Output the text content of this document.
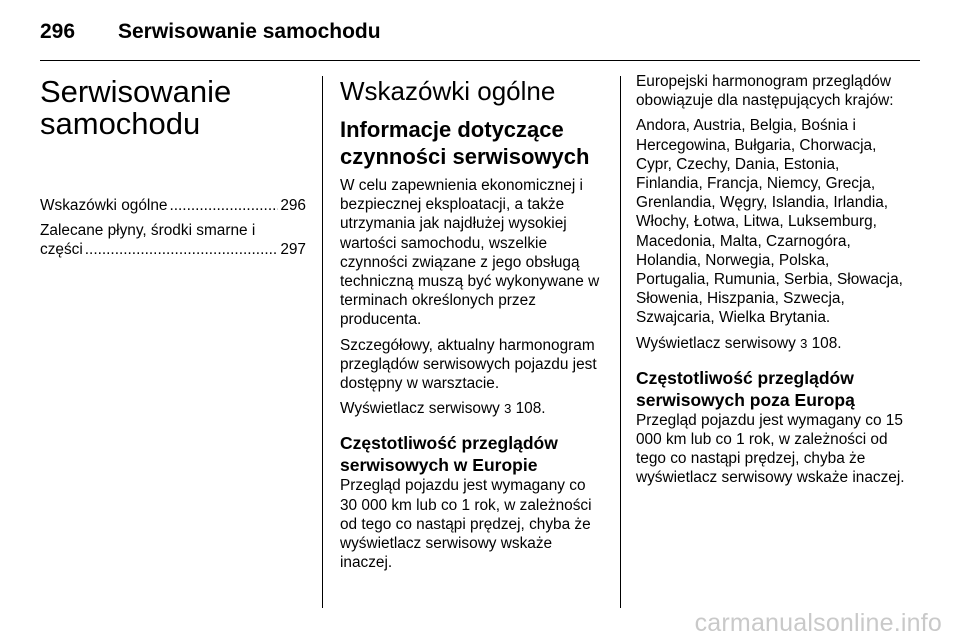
296 Serwisowanie samochodu
Serwisowanie samochodu
Wskazówki ogólne .....	296
Zalecane płyny, środki smarne i
części .....	297
Wskazówki ogólne
Informacje dotyczące czynności serwisowych

W celu zapewnienia ekonomicznej i bezpiecznej eksploatacji, a także utrzymania jak najdłużej wysokiej wartości samochodu, wszelkie czynności związane z jego obsługą techniczną muszą być wykonywane w terminach określonych przez producenta.

Szczegółowy, aktualny harmonogram przeglądów serwisowych pojazdu jest dostępny w warsztacie.

Wyświetlacz serwisowy 3 108.

Częstotliwość przeglądów serwisowych w Europie

Przegląd pojazdu jest wymagany co 30 000 km lub co 1 rok, w zależności od tego co nastąpi prędzej, chyba że wyświetlacz serwisowy wskaże inaczej.

Europejski harmonogram przeglądów obowiązuje dla następujących krajów:

Andora, Austria, Belgia, Bośnia i Hercegowina, Bułgaria, Chorwacja, Cypr, Czechy, Dania, Estonia, Finlandia, Francja, Niemcy, Grecja, Grenlandia, Węgry, Islandia, Irlandia, Włochy, Łotwa, Litwa, Luksemburg, Macedonia, Malta, Czarnogóra, Holandia, Norwegia, Polska, Portugalia, Rumunia, Serbia, Słowacja, Słowenia, Hiszpania, Szwecja, Szwajcaria, Wielka Brytania.

Wyświetlacz serwisowy 3 108.

Częstotliwość przeglądów serwisowych poza Europą

Przegląd pojazdu jest wymagany co 15 000 km lub co 1 rok, w zależności od tego co nastąpi prędzej, chyba że wyświetlacz serwisowy wskaże inaczej.

carmanualsonline.info
